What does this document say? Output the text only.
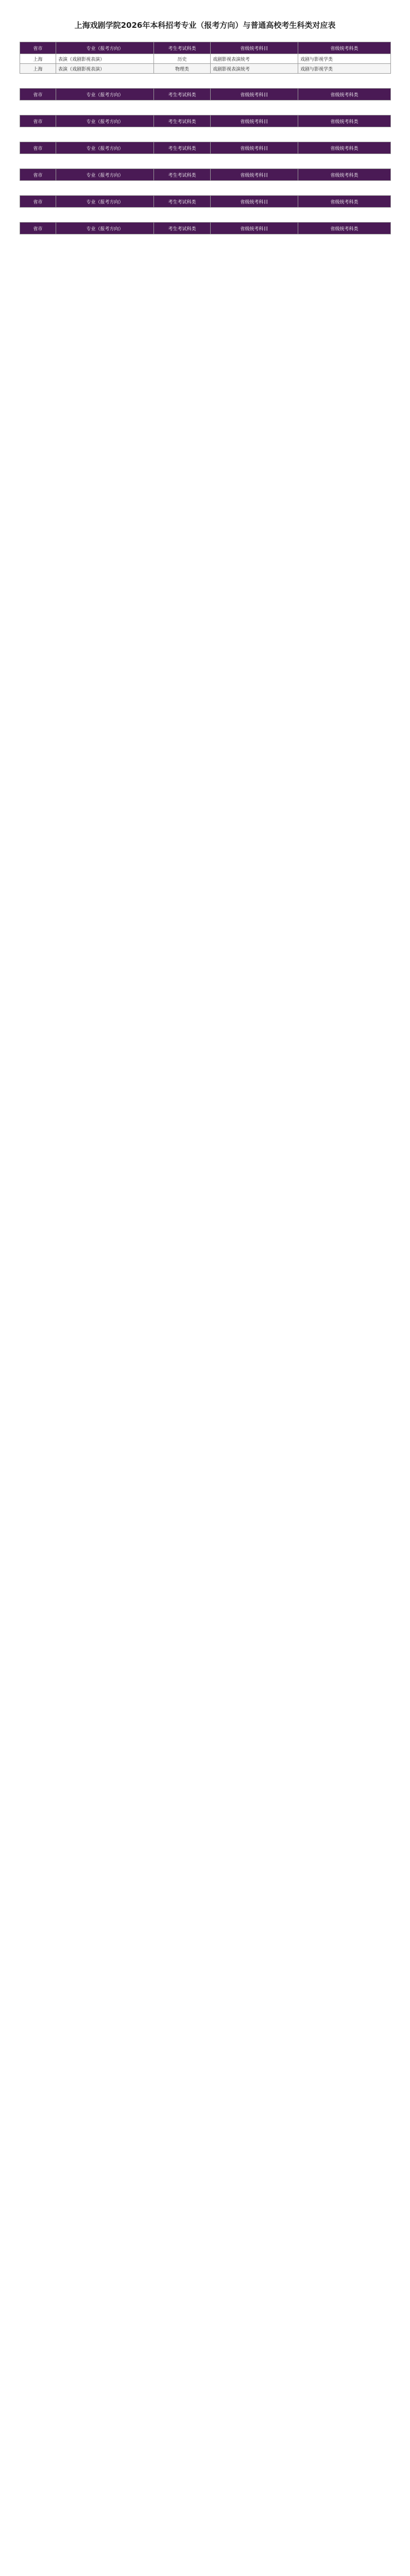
上海戏剧学院2026年本科招考专业（报考方向）与普通高校考生科类对应表
省市	专业（报考方向）	考生考试科类	省级统考科目	省级统考科类
上海	表演（戏剧影视表演）	历史	戏剧影视表演统考	戏剧与影视学类
上海	表演（戏剧影视表演）	物理类	戏剧影视表演统考	戏剧与影视学类
省市	专业（报考方向）	考生考试科类	省级统考科目	省级统考科类
省市	专业（报考方向）	考生考试科类	省级统考科目	省级统考科类
省市	专业（报考方向）	考生考试科类	省级统考科目	省级统考科类
省市	专业（报考方向）	考生考试科类	省级统考科目	省级统考科类
省市	专业（报考方向）	考生考试科类	省级统考科目	省级统考科类
省市	专业（报考方向）	考生考试科类	省级统考科目	省级统考科类
